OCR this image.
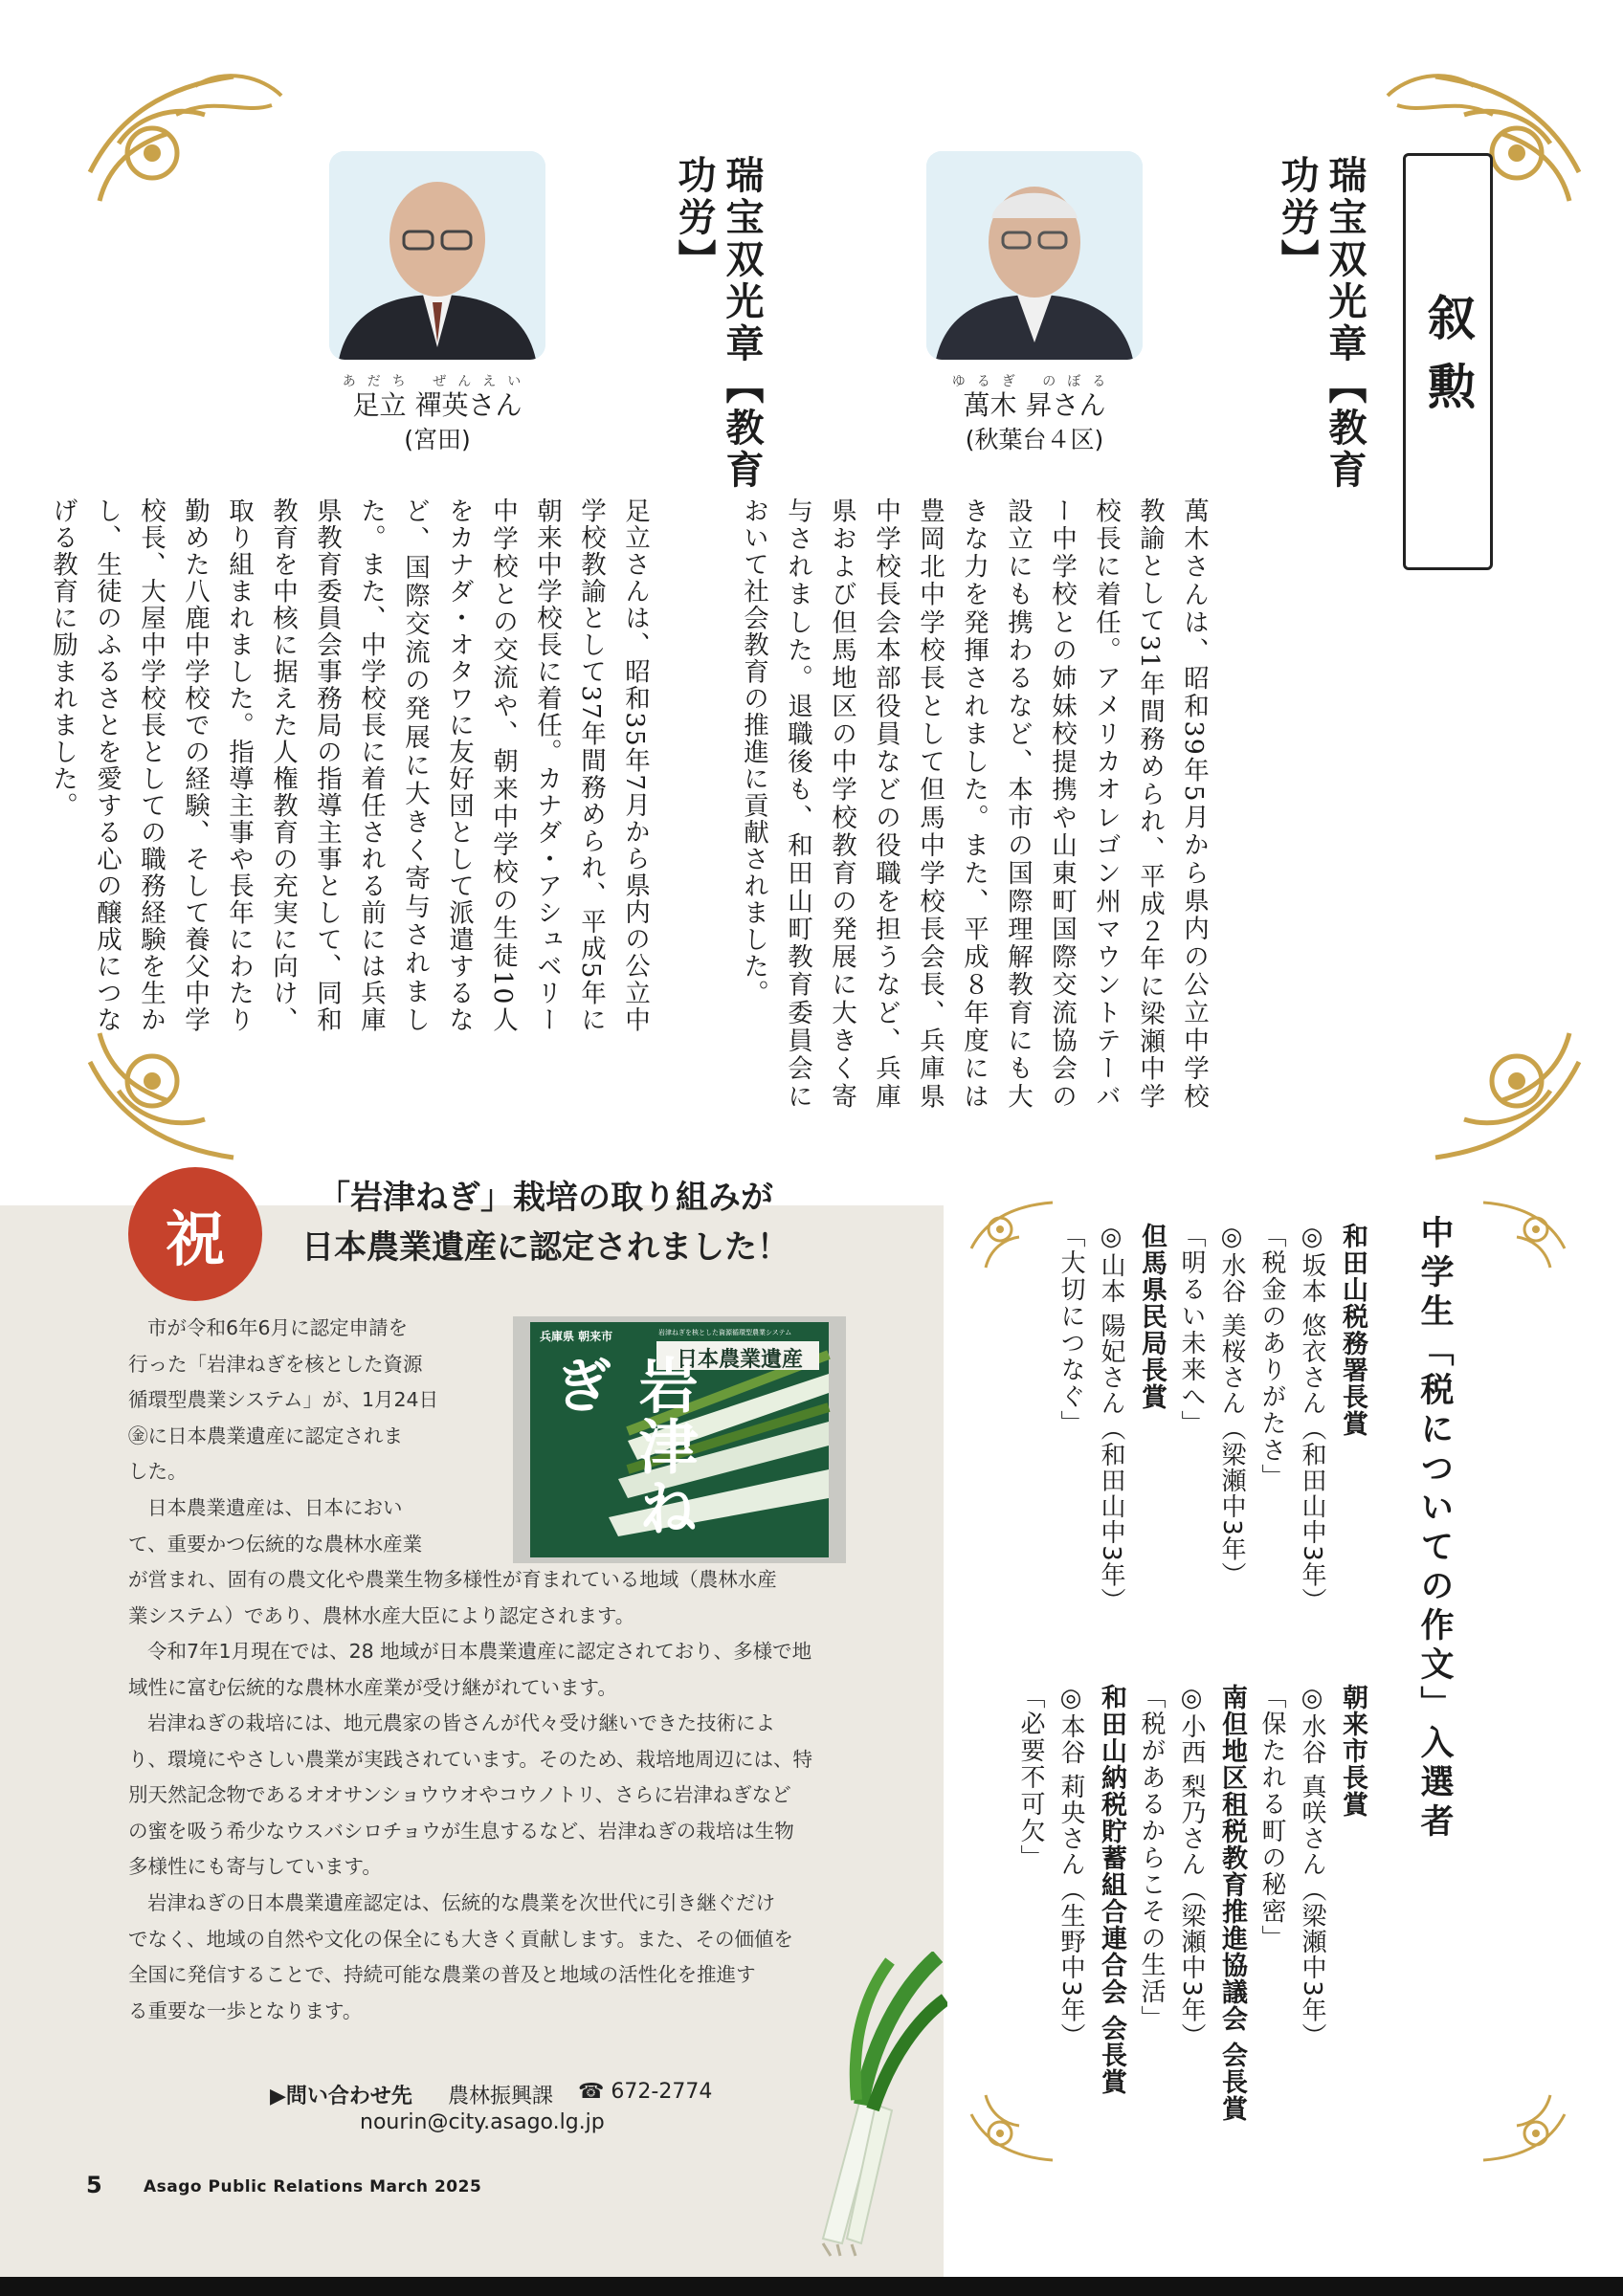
叙勲
瑞宝双光章【教育功労】
ゆるぎ のぼる
萬木 昇さん
(秋葉台４区)
萬木さんは、昭和39年5月から県内の公立中学校教諭として31年間務められ、平成２年に梁瀬中学校長に着任。アメリカオレゴン州マウントテーバー中学校との姉妹校提携や山東町国際交流協会の設立にも携わるなど、本市の国際理解教育にも大きな力を発揮されました。また、平成８年度には豊岡北中学校長として但馬中学校長会長、兵庫県中学校長会本部役員などの役職を担うなど、兵庫県および但馬地区の中学校教育の発展に大きく寄与されました。退職後も、和田山町教育委員会において社会教育の推進に貢献されました。
瑞宝双光章【教育功労】
あだち ぜんえい
足立 禪英さん
(宮田)
足立さんは、昭和35年7月から県内の公立中学校教諭として37年間務められ、平成5年に朝来中学校長に着任。カナダ・アシュベリー中学校との交流や、朝来中学校の生徒10人をカナダ・オタワに友好団として派遣するなど、国際交流の発展に大きく寄与されました。また、中学校長に着任される前には兵庫県教育委員会事務局の指導主事として、同和教育を中核に据えた人権教育の充実に向け、取り組まれました。指導主事や長年にわたり勤めた八鹿中学校での経験、そして養父中学校長、大屋中学校長としての職務経験を生かし、生徒のふるさとを愛する心の醸成につなげる教育に励まれました。
祝
「岩津ねぎ」栽培の取り組みが
日本農業遺産に認定されました！
市が令和6年6月に認定申請を
行った「岩津ねぎを核とした資源
循環型農業システム」が、1月24日
㊎に日本農業遺産に認定されま
した。
日本農業遺産は、日本におい
て、重要かつ伝統的な農林水産業
が営まれ、固有の農文化や農業生物多様性が育まれている地域（農林水産
業システム）であり、農林水産大臣により認定されます。
令和7年1月現在では、28 地域が日本農業遺産に認定されており、多様で地
域性に富む伝統的な農林水産業が受け継がれています。
岩津ねぎの栽培には、地元農家の皆さんが代々受け継いできた技術によ
り、環境にやさしい農業が実践されています。そのため、栽培地周辺には、特
別天然記念物であるオオサンショウウオやコウノトリ、さらに岩津ねぎなど
の蜜を吸う希少なウスバシロチョウが生息するなど、岩津ねぎの栽培は生物
多様性にも寄与しています。
岩津ねぎの日本農業遺産認定は、伝統的な農業を次世代に引き継ぐだけ
でなく、地域の自然や文化の保全にも大きく貢献します。また、その価値を
全国に発信することで、持続可能な農業の普及と地域の活性化を推進す
る重要な一歩となります。
兵庫県 朝来市	岩津ねぎを核とした資源循環型農業システム
日本農業遺産
岩津ねぎ
▶問い合わせ先 農林振興課 ☎ 672-2774
nourin@city.asago.lg.jp
5	Asago Public Relations March 2025
中学生「税についての作文」入選者
朝来市長賞
◎水谷 真咲さん（梁瀬中3年）
「保たれる町の秘密」
南但地区租税教育推進協議会 会長賞
◎小西 梨乃さん（梁瀬中3年）
「税があるからこその生活」
和田山納税貯蓄組合連合会 会長賞
◎本谷 莉央さん（生野中3年）
「必要不可欠」
和田山税務署長賞
◎坂本 悠衣さん（和田山中3年）
「税金のありがたさ」
◎水谷 美桜さん（梁瀬中3年）
「明るい未来へ」
但馬県民局長賞
◎山本 陽妃さん（和田山中3年）
「大切につなぐ」
